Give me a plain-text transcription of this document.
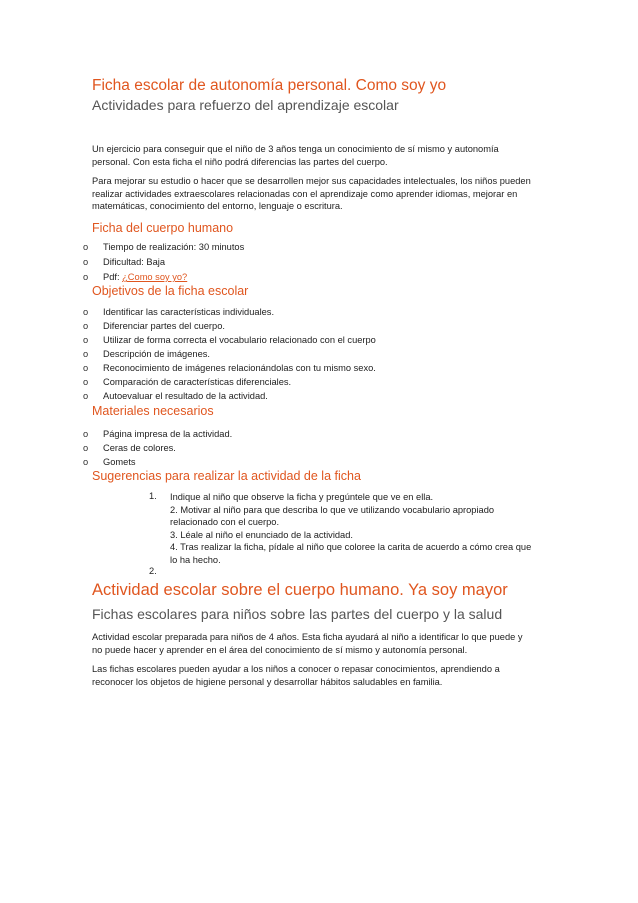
Ficha escolar de autonomía personal. Como soy yo
Actividades para refuerzo del aprendizaje escolar
Un ejercicio para conseguir que el niño de 3 años tenga un conocimiento de sí mismo y autonomía
personal. Con esta ficha el niño podrá diferencias las partes del cuerpo.
Para mejorar su estudio o hacer que se desarrollen mejor sus capacidades intelectuales, los niños pueden
realizar actividades extraescolares relacionadas con el aprendizaje como aprender idiomas, mejorar en
matemáticas, conocimiento del entorno, lenguaje o escritura.
Ficha del cuerpo humano
o Tiempo de realización: 30 minutos
o Dificultad: Baja
o Pdf: ¿Como soy yo?
Objetivos de la ficha escolar
o Identificar las características individuales.
o Diferenciar partes del cuerpo.
o Utilizar de forma correcta el vocabulario relacionado con el cuerpo
o Descripción de imágenes.
o Reconocimiento de imágenes relacionándolas con tu mismo sexo.
o Comparación de características diferenciales.
o Autoevaluar el resultado de la actividad.
Materiales necesarios
o Página impresa de la actividad.
o Ceras de colores.
o Gomets
Sugerencias para realizar la actividad de la ficha
1. Indique al niño que observe la ficha y pregúntele que ve en ella.
2. Motivar al niño para que describa lo que ve utilizando vocabulario apropiado
relacionado con el cuerpo.
3. Léale al niño el enunciado de la actividad.
4. Tras realizar la ficha, pídale al niño que coloree la carita de acuerdo a cómo crea que
lo ha hecho.
2.
Actividad escolar sobre el cuerpo humano. Ya soy mayor
Fichas escolares para niños sobre las partes del cuerpo y la salud
Actividad escolar preparada para niños de 4 años. Esta ficha ayudará al niño a identificar lo que puede y
no puede hacer y aprender en el área del conocimiento de sí mismo y autonomía personal.
Las fichas escolares pueden ayudar a los niños a conocer o repasar conocimientos, aprendiendo a
reconocer los objetos de higiene personal y desarrollar hábitos saludables en familia.
